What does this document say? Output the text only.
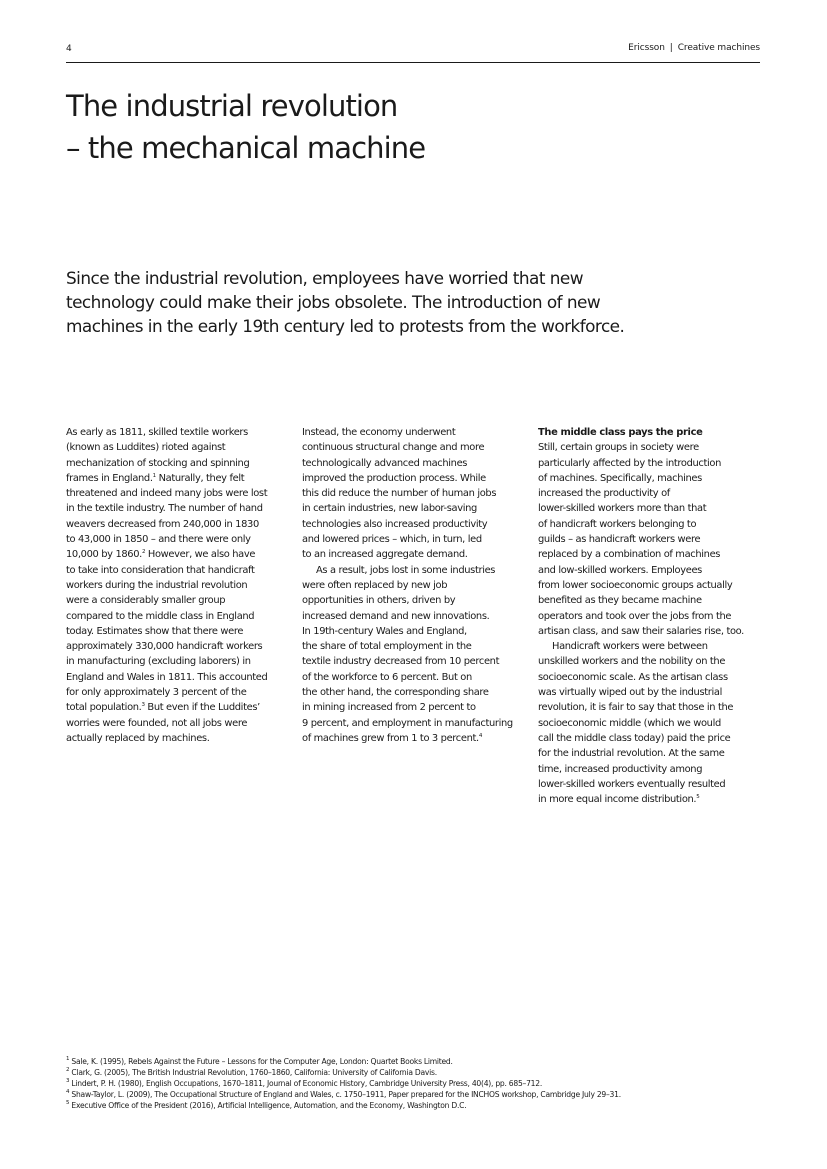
4	Ericsson | Creative machines
The industrial revolution
– the mechanical machine

Since the industrial revolution, employees have worried that new
technology could make their jobs obsolete. The introduction of new
machines in the early 19th century led to protests from the workforce.

As early as 1811, skilled textile workers
(known as Luddites) rioted against
mechanization of stocking and spinning
frames in England.$^1$ Naturally, they felt
threatened and indeed many jobs were lost
in the textile industry. The number of hand
weavers decreased from 240,000 in 1830
to 43,000 in 1850 – and there were only
10,000 by 1860.$^2$ However, we also have
to take into consideration that handicraft
workers during the industrial revolution
were a considerably smaller group
compared to the middle class in England
today. Estimates show that there were
approximately 330,000 handicraft workers
in manufacturing (excluding laborers) in
England and Wales in 1811. This accounted
for only approximately 3 percent of the
total population.$^3$ But even if the Luddites’
worries were founded, not all jobs were
actually replaced by machines.

Instead, the economy underwent
continuous structural change and more
technologically advanced machines
improved the production process. While
this did reduce the number of human jobs
in certain industries, new labor-saving
technologies also increased productivity
and lowered prices – which, in turn, led
to an increased aggregate demand.
As a result, jobs lost in some industries
were often replaced by new job
opportunities in others, driven by
increased demand and new innovations.
In 19th-century Wales and England,
the share of total employment in the
textile industry decreased from 10 percent
of the workforce to 6 percent. But on
the other hand, the corresponding share
in mining increased from 2 percent to
9 percent, and employment in manufacturing
of machines grew from 1 to 3 percent.$^4$

The middle class pays the price
Still, certain groups in society were
particularly affected by the introduction
of machines. Specifically, machines
increased the productivity of
lower-skilled workers more than that
of handicraft workers belonging to
guilds – as handicraft workers were
replaced by a combination of machines
and low-skilled workers. Employees
from lower socioeconomic groups actually
benefited as they became machine
operators and took over the jobs from the
artisan class, and saw their salaries rise, too.
Handicraft workers were between
unskilled workers and the nobility on the
socioeconomic scale. As the artisan class
was virtually wiped out by the industrial
revolution, it is fair to say that those in the
socioeconomic middle (which we would
call the middle class today) paid the price
for the industrial revolution. At the same
time, increased productivity among
lower-skilled workers eventually resulted
in more equal income distribution.$^5$

$^1$ Sale, K. (1995), Rebels Against the Future – Lessons for the Computer Age, London: Quartet Books Limited.
$^2$ Clark, G. (2005), The British Industrial Revolution, 1760–1860, California: University of California Davis.
$^3$ Lindert, P. H. (1980), English Occupations, 1670–1811, Journal of Economic History, Cambridge University Press, 40(4), pp. 685–712.
$^4$ Shaw-Taylor, L. (2009), The Occupational Structure of England and Wales, c. 1750–1911, Paper prepared for the INCHOS workshop, Cambridge July 29–31.
$^5$ Executive Office of the President (2016), Artificial Intelligence, Automation, and the Economy, Washington D.C.
